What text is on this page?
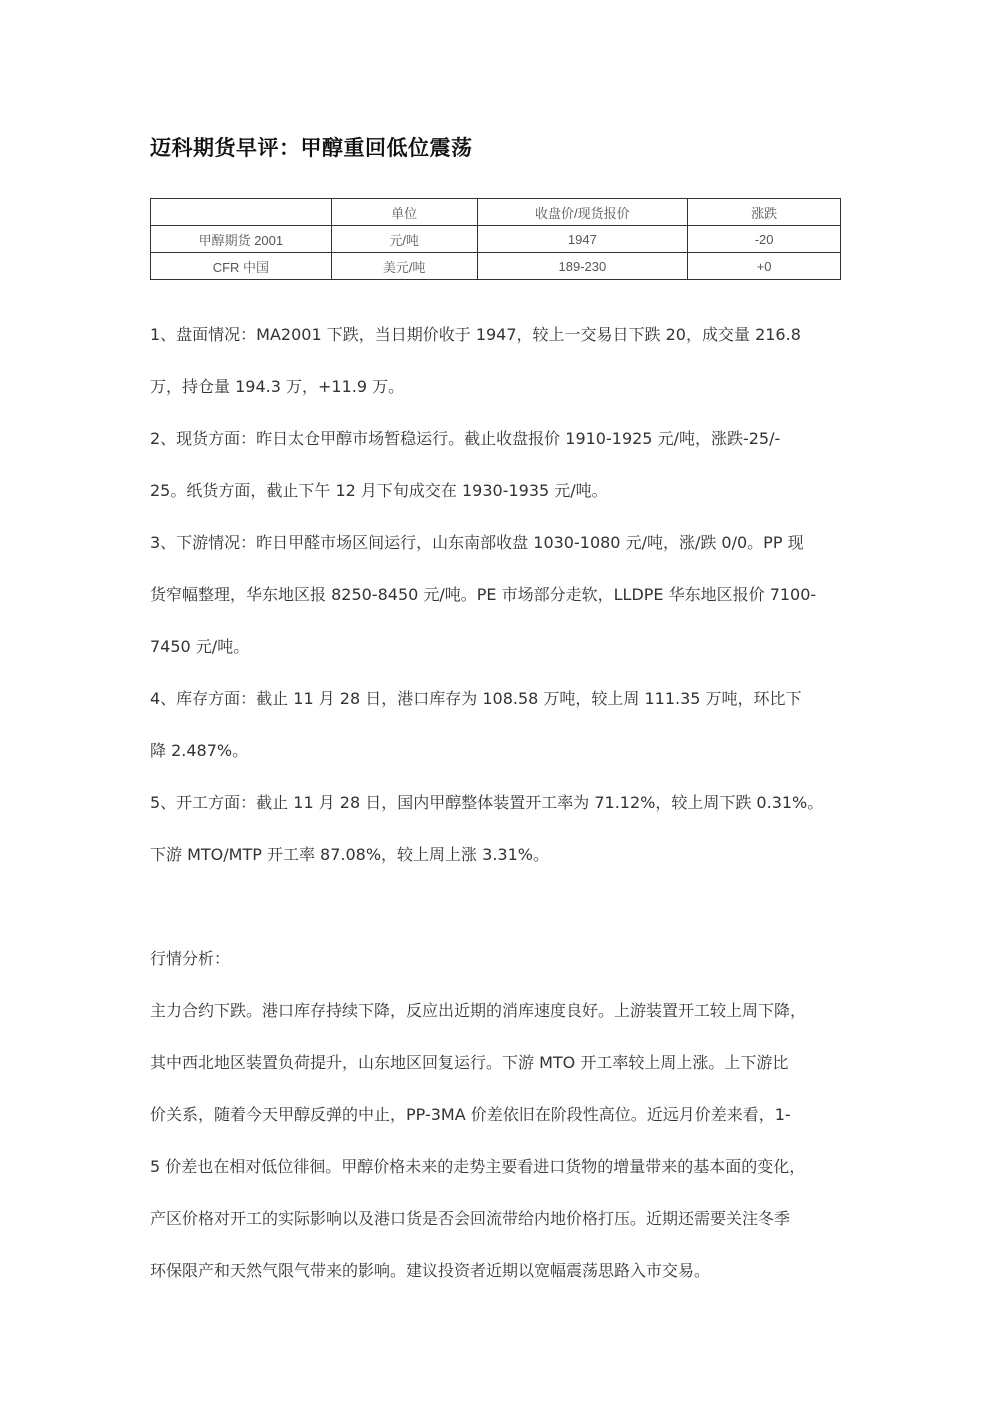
迈科期货早评：甲醇重回低位震荡
	单位	收盘价/现货报价	涨跌
甲醇期货 2001	元/吨	1947	-20
CFR 中国	美元/吨	189-230	+0
1、盘面情况：MA2001 下跌，当日期价收于 1947，较上一交易日下跌 20，成交量 216.8
万，持仓量 194.3 万，+11.9 万。
2、现货方面：昨日太仓甲醇市场暂稳运行。截止收盘报价 1910-1925 元/吨，涨跌-25/-
25。纸货方面，截止下午 12 月下旬成交在 1930-1935 元/吨。
3、下游情况：昨日甲醛市场区间运行，山东南部收盘 1030-1080 元/吨，涨/跌 0/0。PP 现
货窄幅整理，华东地区报 8250-8450 元/吨。PE 市场部分走软，LLDPE 华东地区报价 7100-
7450 元/吨。
4、库存方面：截止 11 月 28 日，港口库存为 108.58 万吨，较上周 111.35 万吨，环比下
降 2.487%。
5、开工方面：截止 11 月 28 日，国内甲醇整体装置开工率为 71.12%，较上周下跌 0.31%。
下游 MTO/MTP 开工率 87.08%，较上周上涨 3.31%。
行情分析：
主力合约下跌。港口库存持续下降，反应出近期的消库速度良好。上游装置开工较上周下降，
其中西北地区装置负荷提升，山东地区回复运行。下游 MTO 开工率较上周上涨。上下游比
价关系，随着今天甲醇反弹的中止，PP-3MA 价差依旧在阶段性高位。近远月价差来看，1-
5 价差也在相对低位徘徊。甲醇价格未来的走势主要看进口货物的增量带来的基本面的变化，
产区价格对开工的实际影响以及港口货是否会回流带给内地价格打压。近期还需要关注冬季
环保限产和天然气限气带来的影响。建议投资者近期以宽幅震荡思路入市交易。
